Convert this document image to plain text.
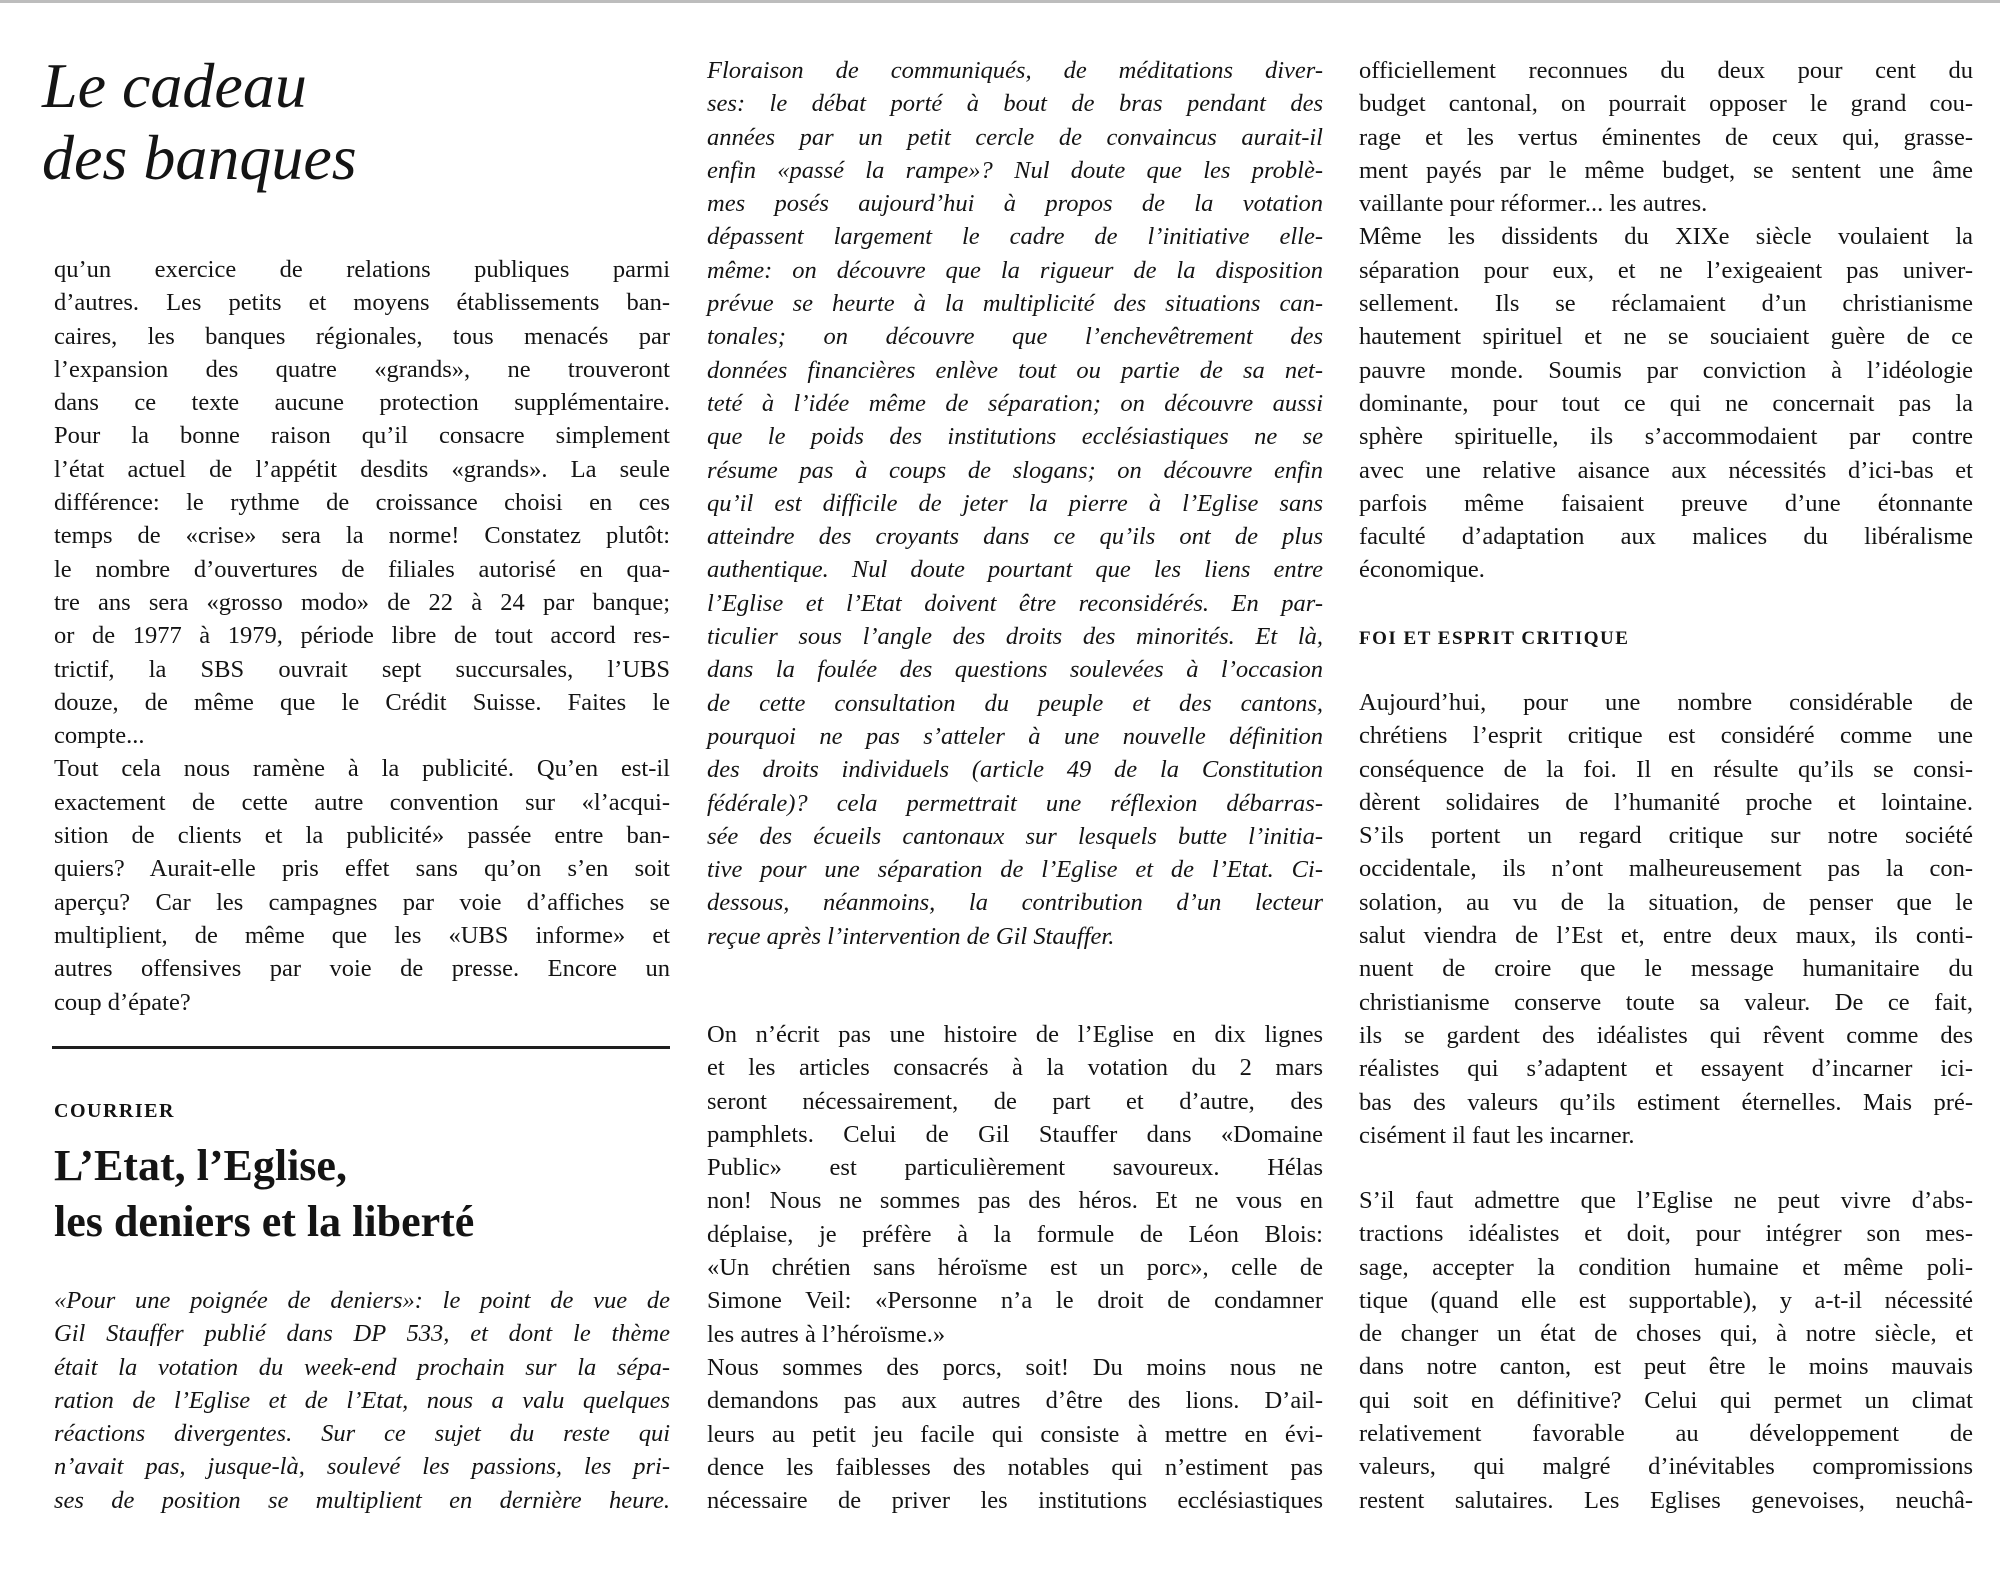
Le cadeau
des banques
qu’un exercice de relations publiques parmi
d’autres. Les petits et moyens établissements ban-
caires, les banques régionales, tous menacés par
l’expansion des quatre «grands», ne trouveront
dans ce texte aucune protection supplémentaire.
Pour la bonne raison qu’il consacre simplement
l’état actuel de l’appétit desdits «grands». La seule
différence: le rythme de croissance choisi en ces
temps de «crise» sera la norme! Constatez plutôt:
le nombre d’ouvertures de filiales autorisé en qua-
tre ans sera «grosso modo» de 22 à 24 par banque;
or de 1977 à 1979, période libre de tout accord res-
trictif, la SBS ouvrait sept succursales, l’UBS
douze, de même que le Crédit Suisse. Faites le
compte...
Tout cela nous ramène à la publicité. Qu’en est-il
exactement de cette autre convention sur «l’acqui-
sition de clients et la publicité» passée entre ban-
quiers? Aurait-elle pris effet sans qu’on s’en soit
aperçu? Car les campagnes par voie d’affiches se
multiplient, de même que les «UBS informe» et
autres offensives par voie de presse. Encore un
coup d’épate?
COURRIER
L’Etat, l’Eglise,
les deniers et la liberté
«Pour une poignée de deniers»: le point de vue de
Gil Stauffer publié dans DP 533, et dont le thème
était la votation du week-end prochain sur la sépa-
ration de l’Eglise et de l’Etat, nous a valu quelques
réactions divergentes. Sur ce sujet du reste qui
n’avait pas, jusque-là, soulevé les passions, les pri-
ses de position se multiplient en dernière heure.
Floraison de communiqués, de méditations diver-
ses: le débat porté à bout de bras pendant des
années par un petit cercle de convaincus aurait-il
enfin «passé la rampe»? Nul doute que les problè-
mes posés aujourd’hui à propos de la votation
dépassent largement le cadre de l’initiative elle-
même: on découvre que la rigueur de la disposition
prévue se heurte à la multiplicité des situations can-
tonales; on découvre que l’enchevêtrement des
données financières enlève tout ou partie de sa net-
teté à l’idée même de séparation; on découvre aussi
que le poids des institutions ecclésiastiques ne se
résume pas à coups de slogans; on découvre enfin
qu’il est difficile de jeter la pierre à l’Eglise sans
atteindre des croyants dans ce qu’ils ont de plus
authentique. Nul doute pourtant que les liens entre
l’Eglise et l’Etat doivent être reconsidérés. En par-
ticulier sous l’angle des droits des minorités. Et là,
dans la foulée des questions soulevées à l’occasion
de cette consultation du peuple et des cantons,
pourquoi ne pas s’atteler à une nouvelle définition
des droits individuels (article 49 de la Constitution
fédérale)? cela permettrait une réflexion débarras-
sée des écueils cantonaux sur lesquels butte l’initia-
tive pour une séparation de l’Eglise et de l’Etat. Ci-
dessous, néanmoins, la contribution d’un lecteur
reçue après l’intervention de Gil Stauffer.
On n’écrit pas une histoire de l’Eglise en dix lignes
et les articles consacrés à la votation du 2 mars
seront nécessairement, de part et d’autre, des
pamphlets. Celui de Gil Stauffer dans «Domaine
Public» est particulièrement savoureux. Hélas
non! Nous ne sommes pas des héros. Et ne vous en
déplaise, je préfère à la formule de Léon Blois:
«Un chrétien sans héroïsme est un porc», celle de
Simone Veil: «Personne n’a le droit de condamner
les autres à l’héroïsme.»
Nous sommes des porcs, soit! Du moins nous ne
demandons pas aux autres d’être des lions. D’ail-
leurs au petit jeu facile qui consiste à mettre en évi-
dence les faiblesses des notables qui n’estiment pas
nécessaire de priver les institutions ecclésiastiques
officiellement reconnues du deux pour cent du
budget cantonal, on pourrait opposer le grand cou-
rage et les vertus éminentes de ceux qui, grasse-
ment payés par le même budget, se sentent une âme
vaillante pour réformer... les autres.
Même les dissidents du XIXe siècle voulaient la
séparation pour eux, et ne l’exigeaient pas univer-
sellement. Ils se réclamaient d’un christianisme
hautement spirituel et ne se souciaient guère de ce
pauvre monde. Soumis par conviction à l’idéologie
dominante, pour tout ce qui ne concernait pas la
sphère spirituelle, ils s’accommodaient par contre
avec une relative aisance aux nécessités d’ici-bas et
parfois même faisaient preuve d’une étonnante
faculté d’adaptation aux malices du libéralisme
économique.
FOI ET ESPRIT CRITIQUE
Aujourd’hui, pour une nombre considérable de
chrétiens l’esprit critique est considéré comme une
conséquence de la foi. Il en résulte qu’ils se consi-
dèrent solidaires de l’humanité proche et lointaine.
S’ils portent un regard critique sur notre société
occidentale, ils n’ont malheureusement pas la con-
solation, au vu de la situation, de penser que le
salut viendra de l’Est et, entre deux maux, ils conti-
nuent de croire que le message humanitaire du
christianisme conserve toute sa valeur. De ce fait,
ils se gardent des idéalistes qui rêvent comme des
réalistes qui s’adaptent et essayent d’incarner ici-
bas des valeurs qu’ils estiment éternelles. Mais pré-
cisément il faut les incarner.
S’il faut admettre que l’Eglise ne peut vivre d’abs-
tractions idéalistes et doit, pour intégrer son mes-
sage, accepter la condition humaine et même poli-
tique (quand elle est supportable), y a-t-il nécessité
de changer un état de choses qui, à notre siècle, et
dans notre canton, est peut être le moins mauvais
qui soit en définitive? Celui qui permet un climat
relativement favorable au développement de
valeurs, qui malgré d’inévitables compromissions
restent salutaires. Les Eglises genevoises, neuchâ-
